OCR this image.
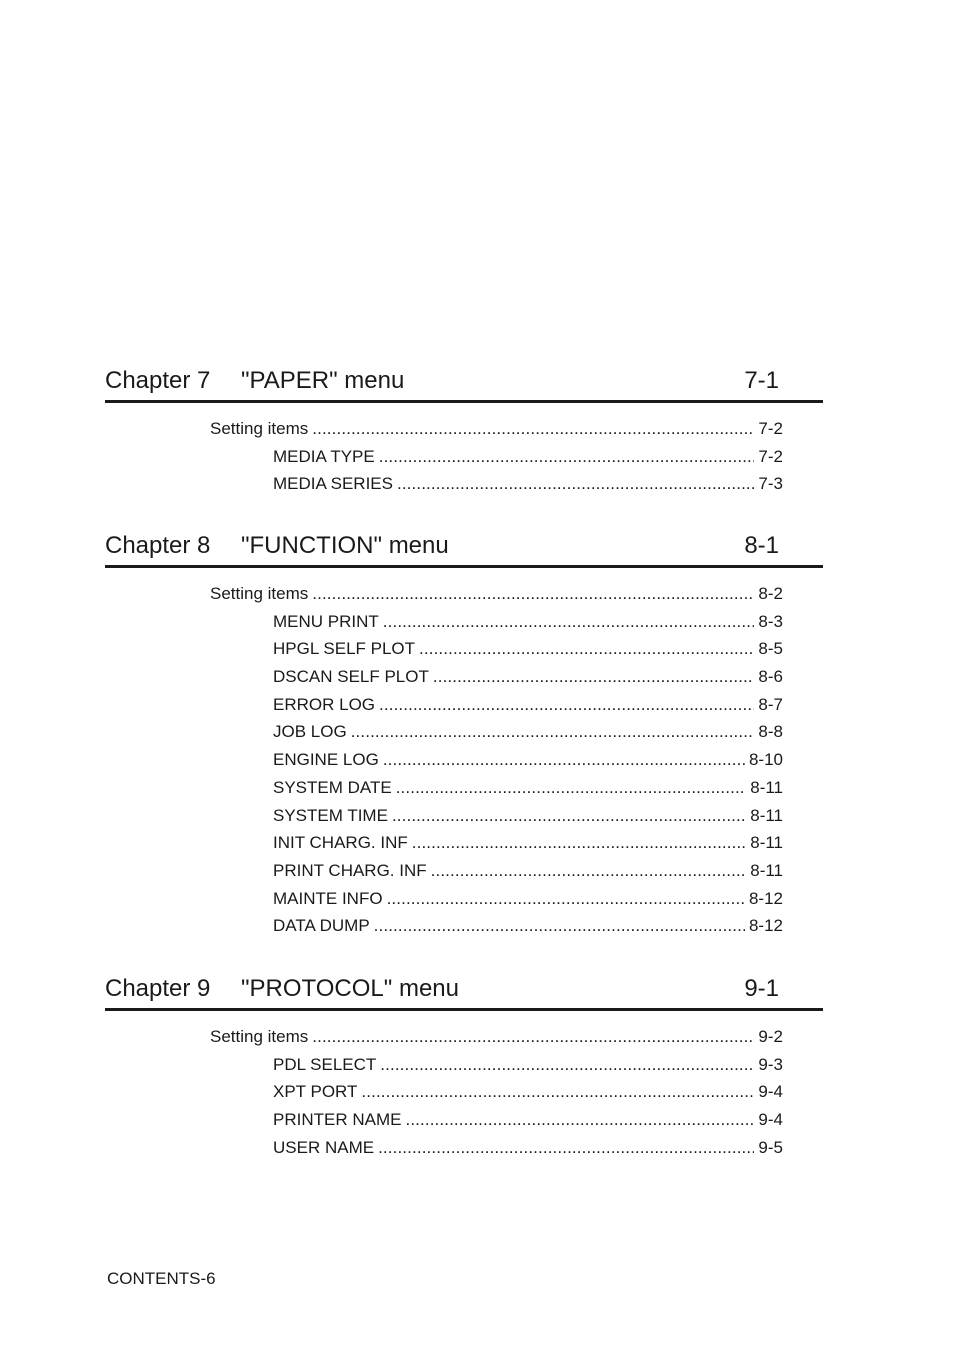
Chapter 7 "PAPER" menu	7-1
Setting items . . .	7-2
MEDIA TYPE . . .	7-2
MEDIA SERIES . . .	7-3
Chapter 8 "FUNCTION" menu	8-1
Setting items . . .	8-2
MENU PRINT . . .	8-3
HPGL SELF PLOT . . .	8-5
DSCAN SELF PLOT . . .	8-6
ERROR LOG . . .	8-7
JOB LOG . . .	8-8
ENGINE LOG . . .	8-10
SYSTEM DATE . . .	8-11
SYSTEM TIME . . .	8-11
INIT CHARG. INF . . .	8-11
PRINT CHARG. INF . . .	8-11
MAINTE INFO . . .	8-12
DATA DUMP . . .	8-12
Chapter 9 "PROTOCOL" menu	9-1
Setting items . . .	9-2
PDL SELECT . . .	9-3
XPT PORT . . .	9-4
PRINTER NAME . . .	9-4
USER NAME . . .	9-5
CONTENTS-6
